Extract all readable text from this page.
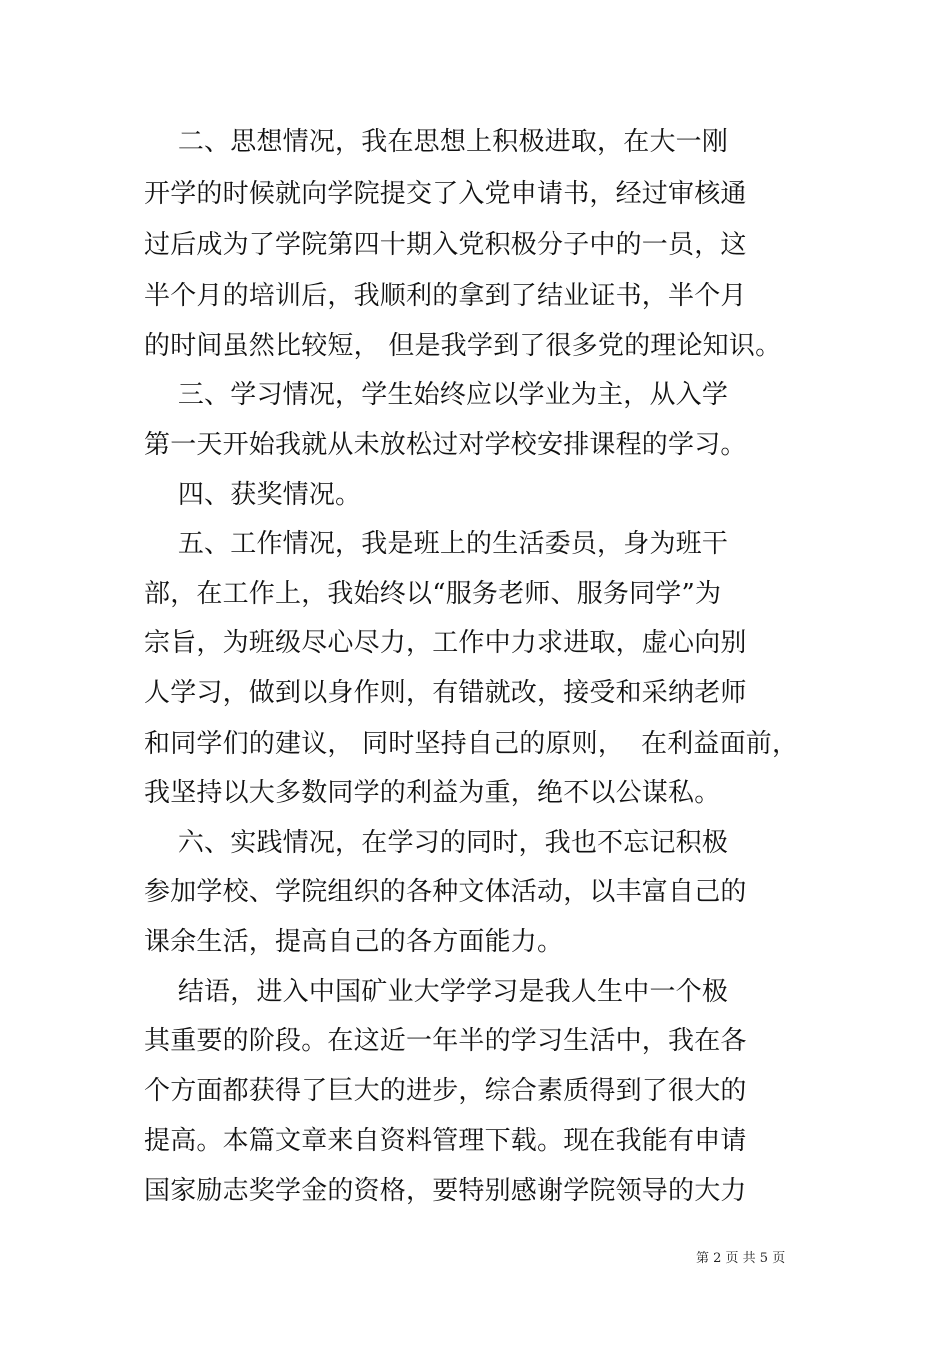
二、思想情况，我在思想上积极进取，在大一刚
开学的时候就向学院提交了入党申请书，经过审核通
过后成为了学院第四十期入党积极分子中的一员，这
半个月的培训后，我顺利的拿到了结业证书，半个月
的时间虽然比较短， 但是我学到了很多党的理论知识。
三、学习情况，学生始终应以学业为主，从入学
第一天开始我就从未放松过对学校安排课程的学习。
四、获奖情况。
五、工作情况，我是班上的生活委员，身为班干
部，在工作上，我始终以“服务老师、服务同学”为
宗旨，为班级尽心尽力，工作中力求进取，虚心向别
人学习，做到以身作则，有错就改，接受和采纳老师
和同学们的建议， 同时坚持自己的原则，  在利益面前，
我坚持以大多数同学的利益为重，绝不以公谋私。
六、实践情况，在学习的同时，我也不忘记积极
参加学校、学院组织的各种文体活动，以丰富自己的
课余生活，提高自己的各方面能力。
结语，进入中国矿业大学学习是我人生中一个极
其重要的阶段。在这近一年半的学习生活中，我在各
个方面都获得了巨大的进步，综合素质得到了很大的
提高。本篇文章来自资料管理下载。现在我能有申请
国家励志奖学金的资格，要特别感谢学院领导的大力
第 2 页 共 5 页
